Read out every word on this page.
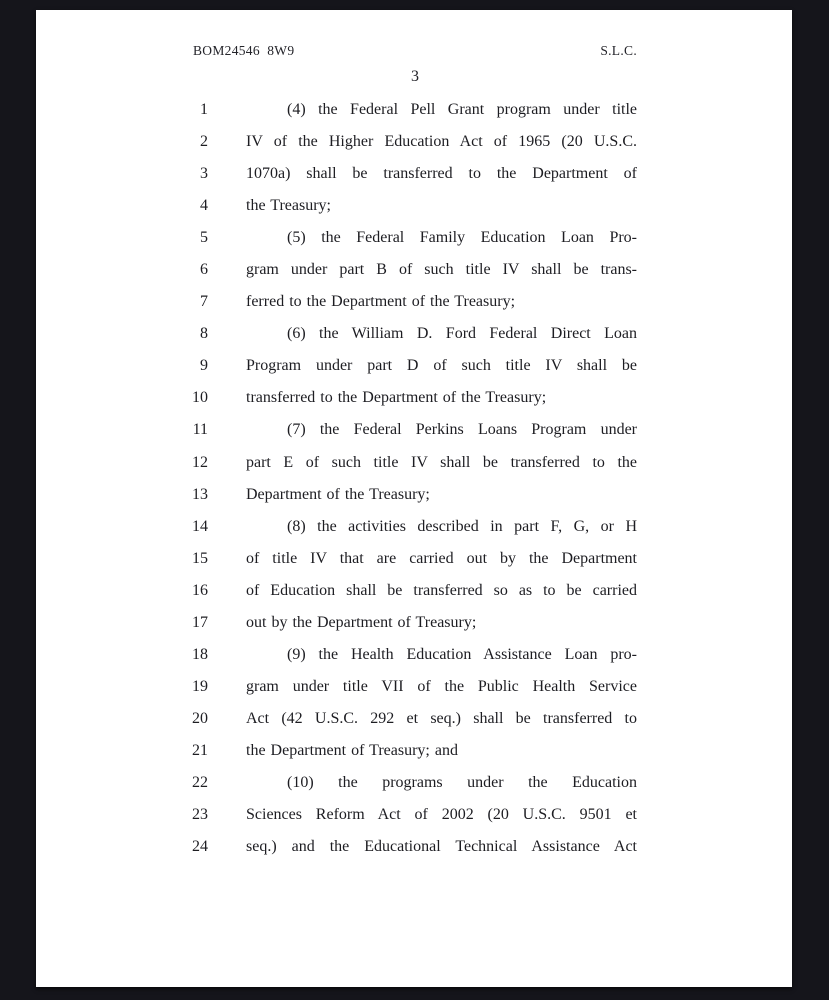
BOM24546  8W9	S.L.C.
3
1	(4) the Federal Pell Grant program under title
2 IV of the Higher Education Act of 1965 (20 U.S.C.
3 1070a) shall be transferred to the Department of
4 the Treasury;
5	(5) the Federal Family Education Loan Pro-
6 gram under part B of such title IV shall be trans-
7 ferred to the Department of the Treasury;
8	(6) the William D. Ford Federal Direct Loan
9 Program under part D of such title IV shall be
10 transferred to the Department of the Treasury;
11	(7) the Federal Perkins Loans Program under
12 part E of such title IV shall be transferred to the
13 Department of the Treasury;
14	(8) the activities described in part F, G, or H
15 of title IV that are carried out by the Department
16 of Education shall be transferred so as to be carried
17 out by the Department of Treasury;
18	(9) the Health Education Assistance Loan pro-
19 gram under title VII of the Public Health Service
20 Act (42 U.S.C. 292 et seq.) shall be transferred to
21 the Department of Treasury; and
22	(10) the programs under the Education
23 Sciences Reform Act of 2002 (20 U.S.C. 9501 et
24 seq.) and the Educational Technical Assistance Act
